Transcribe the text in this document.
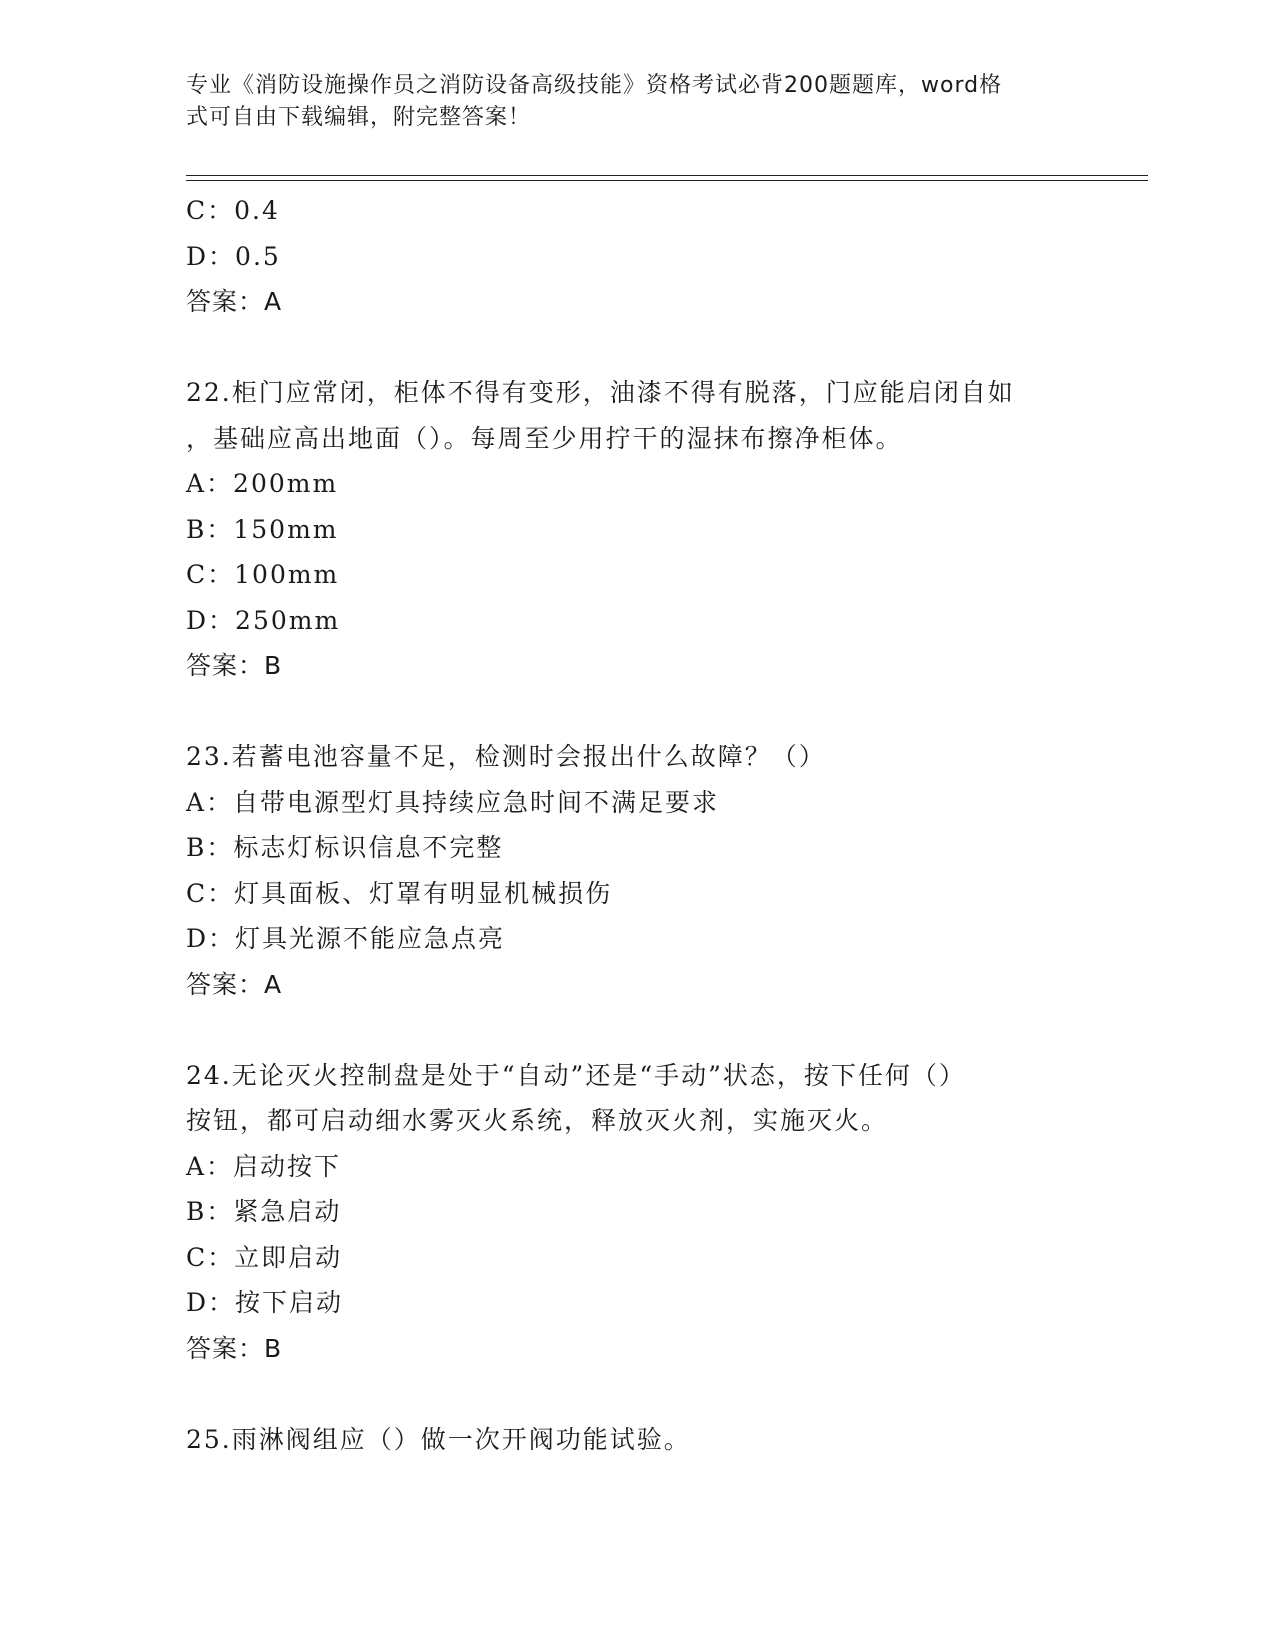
专业《消防设施操作员之消防设备高级技能》资格考试必背200题题库，word格
式可自由下载编辑，附完整答案！
C：0.4
D：0.5
答案：A
22.柜门应常闭，柜体不得有变形，油漆不得有脱落，门应能启闭自如
，基础应高出地面（）。每周至少用拧干的湿抹布擦净柜体。
A：200mm
B：150mm
C：100mm
D：250mm
答案：B
23.若蓄电池容量不足，检测时会报出什么故障？（）
A：自带电源型灯具持续应急时间不满足要求
B：标志灯标识信息不完整
C：灯具面板、灯罩有明显机械损伤
D：灯具光源不能应急点亮
答案：A
24.无论灭火控制盘是处于“自动”还是“手动”状态，按下任何（）
按钮，都可启动细水雾灭火系统，释放灭火剂，实施灭火。
A：启动按下
B：紧急启动
C：立即启动
D：按下启动
答案：B
25.雨淋阀组应（）做一次开阀功能试验。
